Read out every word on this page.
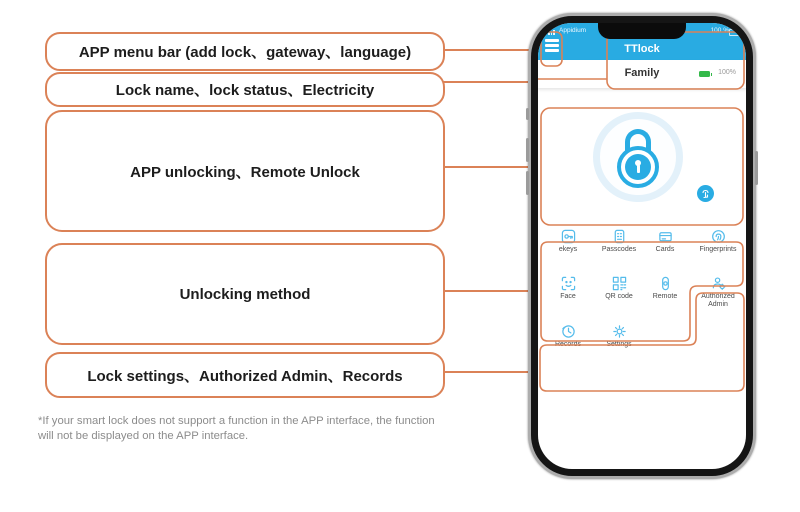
APP menu bar (add lock、gateway、language)
Lock name、lock status、Electricity
APP unlocking、Remote Unlock
Unlocking method
Lock settings、Authorized Admin、Records
*If your smart lock does not support a function in the APP interface, the function will not be displayed on the APP interface.
Appidium	100 %
TTlock
Family	100%
ekeys	Passcodes	Cards	Fingerprints
Face	QR code	Remote	Authorized Admin
Records	Settings
